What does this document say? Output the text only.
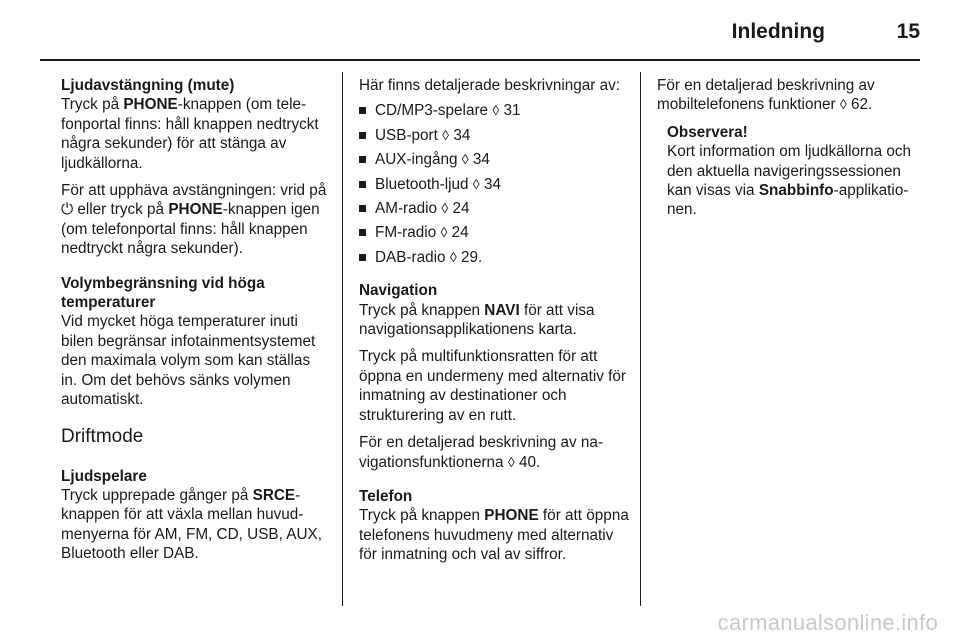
Inledning	15
Ljudavstängning (mute)

Tryck på PHONE-knappen (om telefonportal finns: håll knappen nedtryckt några sekunder) för att stänga av ljudkällorna.

För att upphäva avstängningen: vrid på ⏻ eller tryck på PHONE-knappen igen (om telefonportal finns: håll knappen nedtryckt några sekunder).

Volymbegränsning vid höga temperaturer

Vid mycket höga temperaturer inuti bilen begränsar infotainmentsystemet den maximala volym som kan ställas in. Om det behövs sänks volymen automatiskt.

Driftmode
Ljudspelare

Tryck upprepade gånger på SRCE-knappen för att växla mellan huvudmenyerna för AM, FM, CD, USB, AUX, Bluetooth eller DAB.

Här finns detaljerade beskrivningar av:

CD/MP3-spelare ◊ 31
USB-port ◊ 34
AUX-ingång ◊ 34
Bluetooth-ljud ◊ 34
AM-radio ◊ 24
FM-radio ◊ 24
DAB-radio ◊ 29.
Navigation

Tryck på knappen NAVI för att visa navigationsapplikationens karta.

Tryck på multifunktionsratten för att öppna en undermeny med alternativ för inmatning av destinationer och strukturering av en rutt.

För en detaljerad beskrivning av navigationsfunktionerna ◊ 40.

Telefon

Tryck på knappen PHONE för att öppna telefonens huvudmeny med alternativ för inmatning och val av siffror.

För en detaljerad beskrivning av mobiltelefonens funktioner ◊ 62.

Observera!

Kort information om ljudkällorna och den aktuella navigeringssessionen kan visas via Snabbinfo-applikationen.

carmanualsonline.info
